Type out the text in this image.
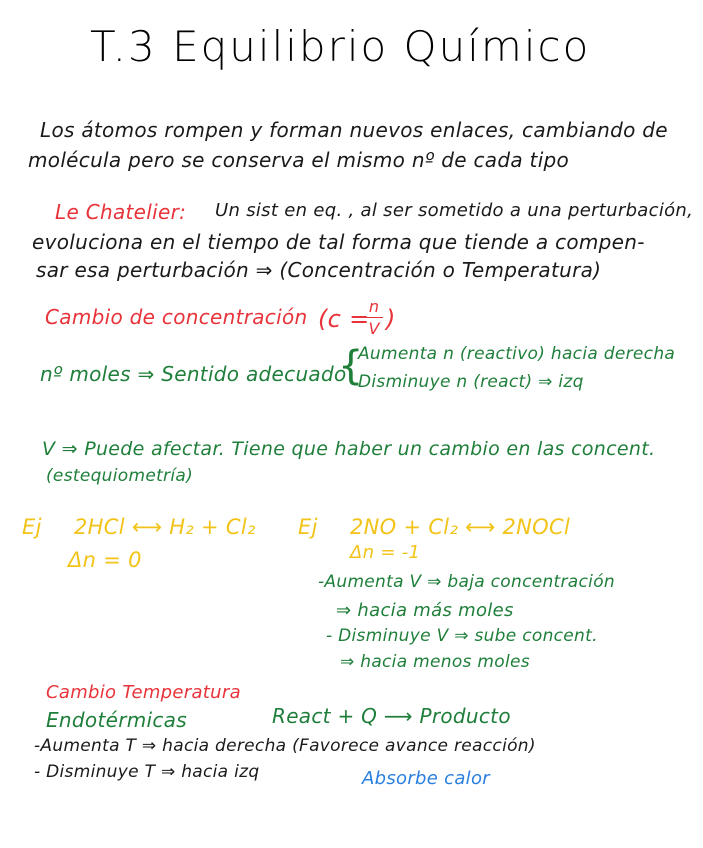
T.3 Equilibrio Químico
Los átomos rompen y forman nuevos enlaces, cambiando de
molécula pero se conserva el mismo nº de cada tipo
Le Chatelier: Un sist en eq. , al ser sometido a una perturbación,
evoluciona en el tiempo de tal forma que tiende a compen-
sar esa perturbación ⇒ (Concentración o Temperatura)
Cambio de concentración (c = n
V )
nº moles ⇒ Sentido adecuado
{
Aumenta n (reactivo) hacia derecha
Disminuye n (react) ⇒ izq
V ⇒ Puede afectar. Tiene que haber un cambio en las concent.
(estequiometría)
Ej 2HCl ⟷ H₂ + Cl₂
Δn = 0
Ej 2NO + Cl₂ ⟷ 2NOCl
Δn = -1
-Aumenta V ⇒ baja concentración
⇒ hacia más moles
- Disminuye V ⇒ sube concent.
⇒ hacia menos moles
Cambio Temperatura
Endotérmicas	React + Q ⟶ Producto
-Aumenta T ⇒ hacia derecha (Favorece avance reacción)
- Disminuye T ⇒ hacia izq	Absorbe calor
